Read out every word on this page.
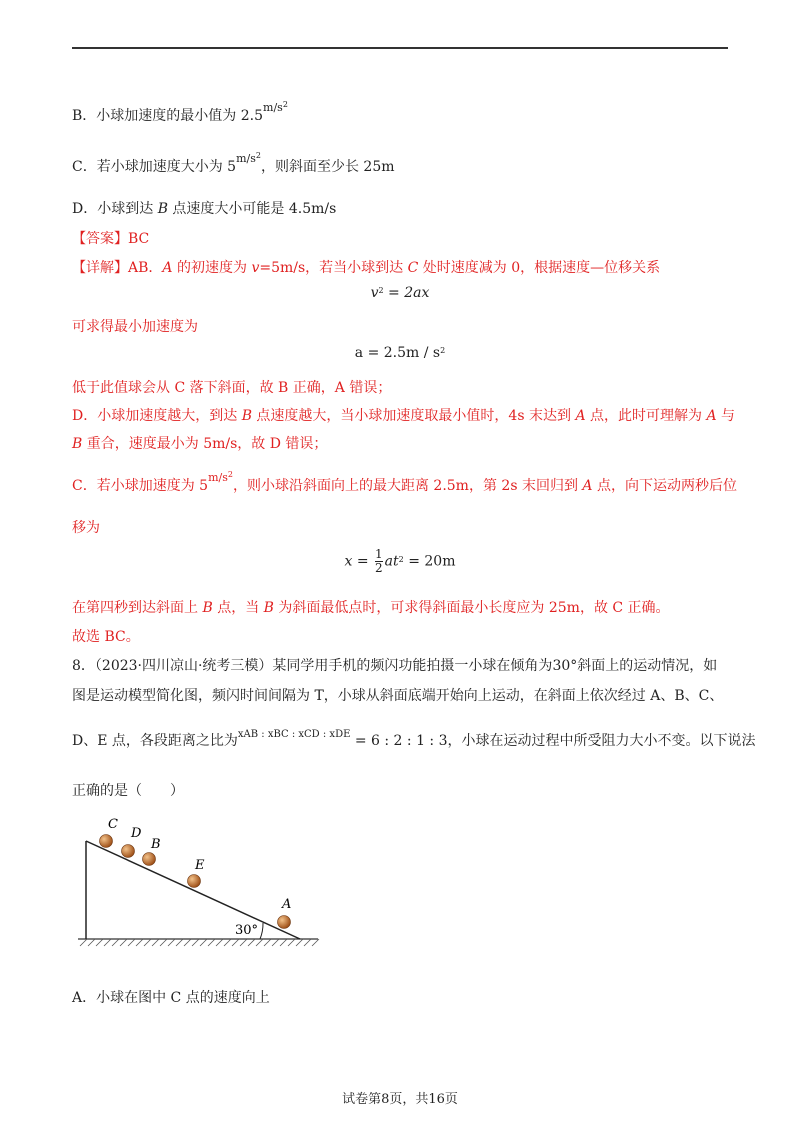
B．小球加速度的最小值为 $2.5^{m/s^2}$
C．若小球加速度大小为 $5^{m/s^2}$，则斜面至少长 25m
D．小球到达 B 点速度大小可能是 4.5m/s
【答案】BC
【详解】AB．A 的初速度为 v=5m/s，若当小球到达 C 处时速度减为 0，根据速度—位移关系
$v^2 = 2ax$
可求得最小加速度为
$a = 2.5m / s^2$
低于此值球会从 C 落下斜面，故 B 正确，A 错误；
D．小球加速度越大，到达 B 点速度越大，当小球加速度取最小值时，4s 末达到 A 点，此时可理解为 A 与
B 重合，速度最小为 5m/s，故 D 错误；
C．若小球加速度为 $5^{m/s^2}$，则小球沿斜面向上的最大距离 2.5m，第 2s 末回归到 A 点，向下运动两秒后位
移为
$x = \frac{1}{2} at^2 = 20m$
在第四秒到达斜面上 B 点，当 B 为斜面最低点时，可求得斜面最小长度应为 25m，故 C 正确。
故选 BC。
8．（2023·四川凉山·统考三模）某同学用手机的频闪功能拍摄一小球在倾角为30°斜面上的运动情况，如
图是运动模型简化图，频闪时间间隔为 T，小球从斜面底端开始向上运动，在斜面上依次经过 A、B、C、
D、E 点，各段距离之比为$^{xAB : xBC : xCD : xDE}$ = 6 : 2 : 1 : 3，小球在运动过程中所受阻力大小不变。以下说法
正确的是（　　）
30°
C
D
B
E
A
A．小球在图中 C 点的速度向上
试卷第8页，共16页
